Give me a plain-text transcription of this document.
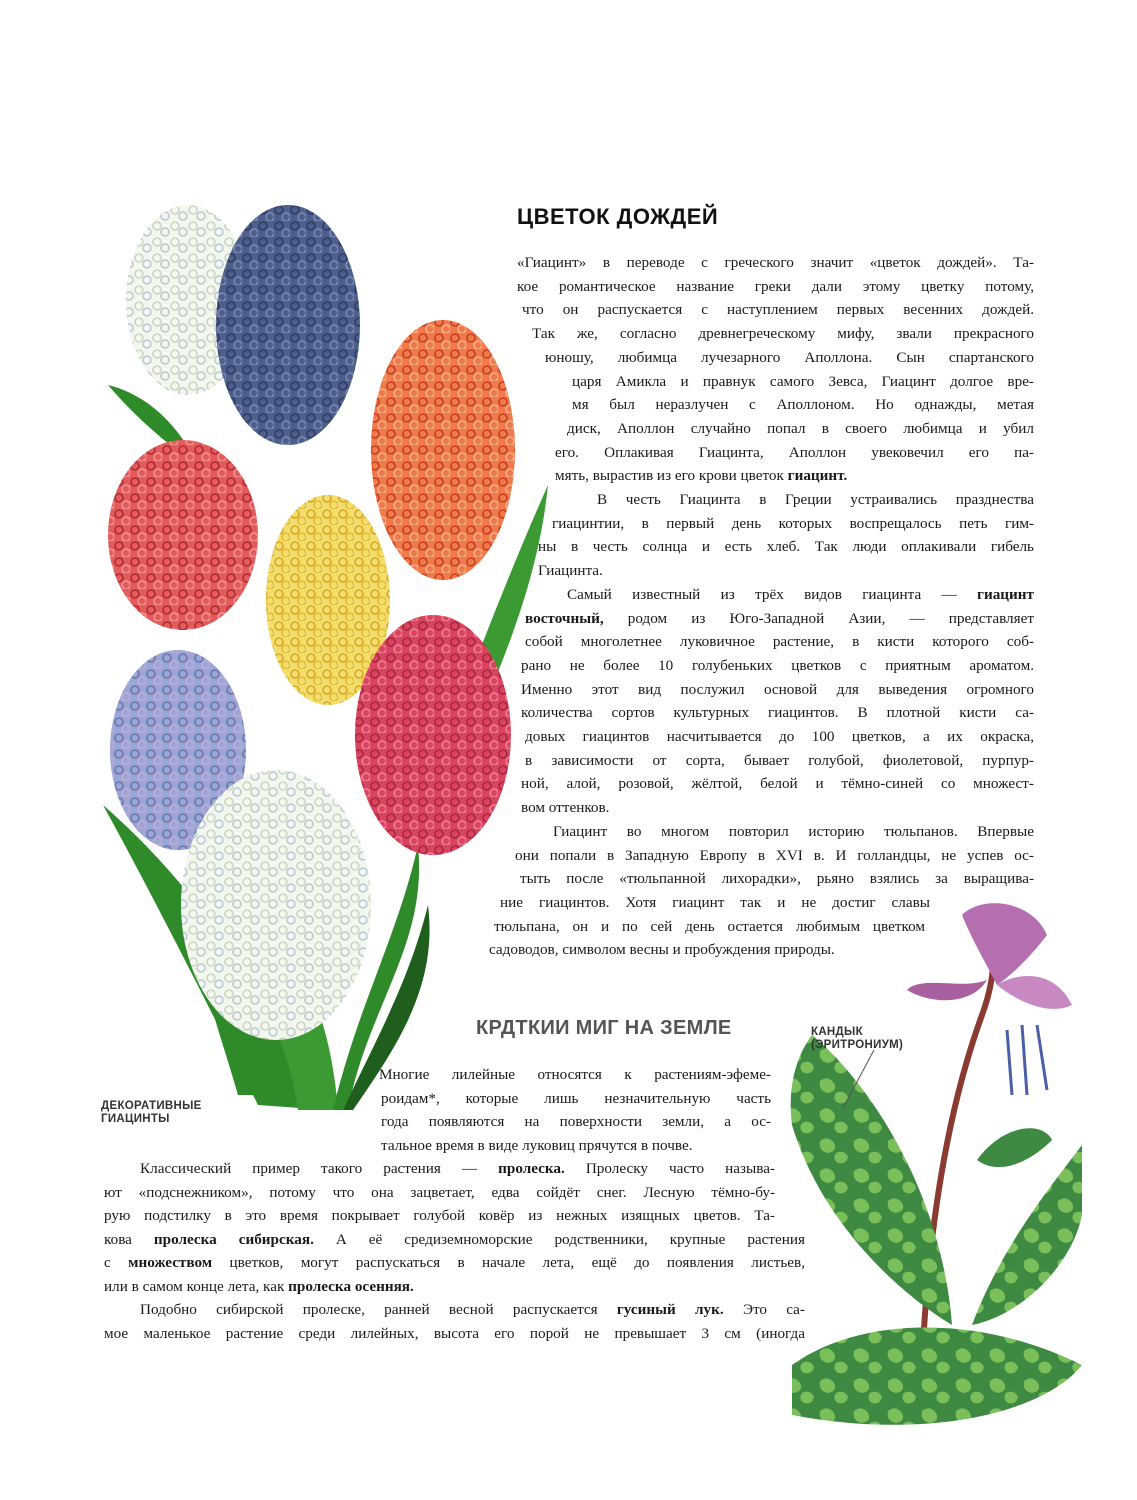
ЦВЕТОК ДОЖДЕЙ
ДЕКОРАТИВНЫЕ
ГИАЦИНТЫ
КАНДЫК
(ЭРИТРОНИУМ)
«Гиацинт» в переводе с греческого значит «цветок дождей». Та-
кое романтическое название греки дали этому цветку потому,
что он распускается с наступлением первых весенних дождей.
Так же, согласно древнегреческому мифу, звали прекрасного
юношу, любимца лучезарного Аполлона. Сын спартанского
царя Амикла и правнук самого Зевса, Гиацинт долгое вре-
мя был неразлучен с Аполлоном. Но однажды, метая
диск, Аполлон случайно попал в своего любимца и убил
его. Оплакивая Гиацинта, Аполлон увековечил его па-
мять, вырастив из его крови цветок гиацинт.
В честь Гиацинта в Греции устраивались празднества
гиацинтии, в первый день которых воспрещалось петь гим-
ны в честь солнца и есть хлеб. Так люди оплакивали гибель
Гиацинта.
Самый известный из трёх видов гиацинта — гиацинт
восточный, родом из Юго-Западной Азии, — представляет
собой многолетнее луковичное растение, в кисти которого соб-
рано не более 10 голубеньких цветков с приятным ароматом.
Именно этот вид послужил основой для выведения огромного
количества сортов культурных гиацинтов. В плотной кисти са-
довых гиацинтов насчитывается до 100 цветков, а их окраска,
в зависимости от сорта, бывает голубой, фиолетовой, пурпур-
ной, алой, розовой, жёлтой, белой и тёмно-синей со множест-
вом оттенков.
Гиацинт во многом повторил историю тюльпанов. Впервые
они попали в Западную Европу в XVI в. И голландцы, не успев ос-
тыть после «тюльпанной лихорадки», рьяно взялись за выращива-
ние гиацинтов. Хотя гиацинт так и не достиг славы
тюльпана, он и по сей день остается любимым цветком
садоводов, символом весны и пробуждения природы.
КРДТКИИ МИГ НА ЗЕМЛЕ
Многие лилейные относятся к растениям-эфеме-
роидам*, которые лишь незначительную часть
года появляются на поверхности земли, а ос-
тальное время в виде луковиц прячутся в почве.
Классический пример такого растения — пролеска. Пролеску часто называ-
ют «подснежником», потому что она зацветает, едва сойдёт снег. Лесную тёмно-бу-
рую подстилку в это время покрывает голубой ковёр из нежных изящных цветов. Та-
кова пролеска сибирская. А её средиземноморские родственники, крупные растения
с множеством цветков, могут распускаться в начале лета, ещё до появления листьев,
или в самом конце лета, как пролеска осенняя.
Подобно сибирской пролеске, ранней весной распускается гусиный лук. Это са-
мое маленькое растение среди лилейных, высота его порой не превышает 3 см (иногда
